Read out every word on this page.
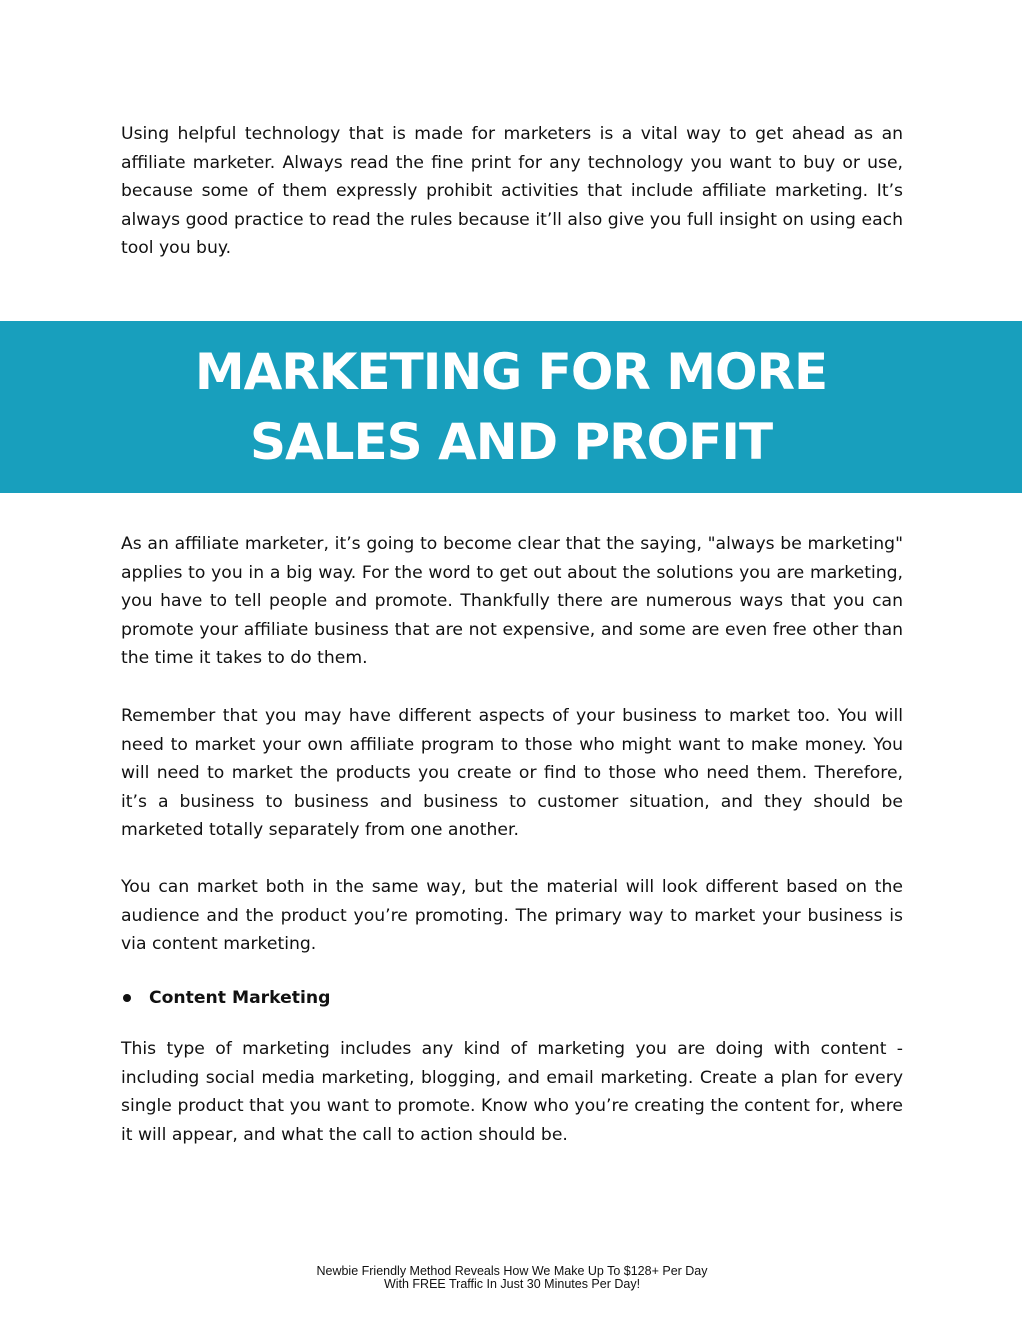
Using helpful technology that is made for marketers is a vital way to get ahead as an affiliate marketer. Always read the fine print for any technology you want to buy or use, because some of them expressly prohibit activities that include affiliate marketing. It’s always good practice to read the rules because it’ll also give you full insight on using each tool you buy.

MARKETING FOR MORE SALES AND PROFIT

As an affiliate marketer, it’s going to become clear that the saying, "always be marketing" applies to you in a big way. For the word to get out about the solutions you are marketing, you have to tell people and promote. Thankfully there are numerous ways that you can promote your affiliate business that are not expensive, and some are even free other than the time it takes to do them.

Remember that you may have different aspects of your business to market too. You will need to market your own affiliate program to those who might want to make money. You will need to market the products you create or find to those who need them. Therefore, it’s a business to business and business to customer situation, and they should be marketed totally separately from one another.

You can market both in the same way, but the material will look different based on the audience and the product you’re promoting. The primary way to market your business is via content marketing.

Content Marketing

This type of marketing includes any kind of marketing you are doing with content - including social media marketing, blogging, and email marketing. Create a plan for every single product that you want to promote. Know who you’re creating the content for, where it will appear, and what the call to action should be.

Newbie Friendly Method Reveals How We Make Up To $128+ Per Day
With FREE Traffic In Just 30 Minutes Per Day!
